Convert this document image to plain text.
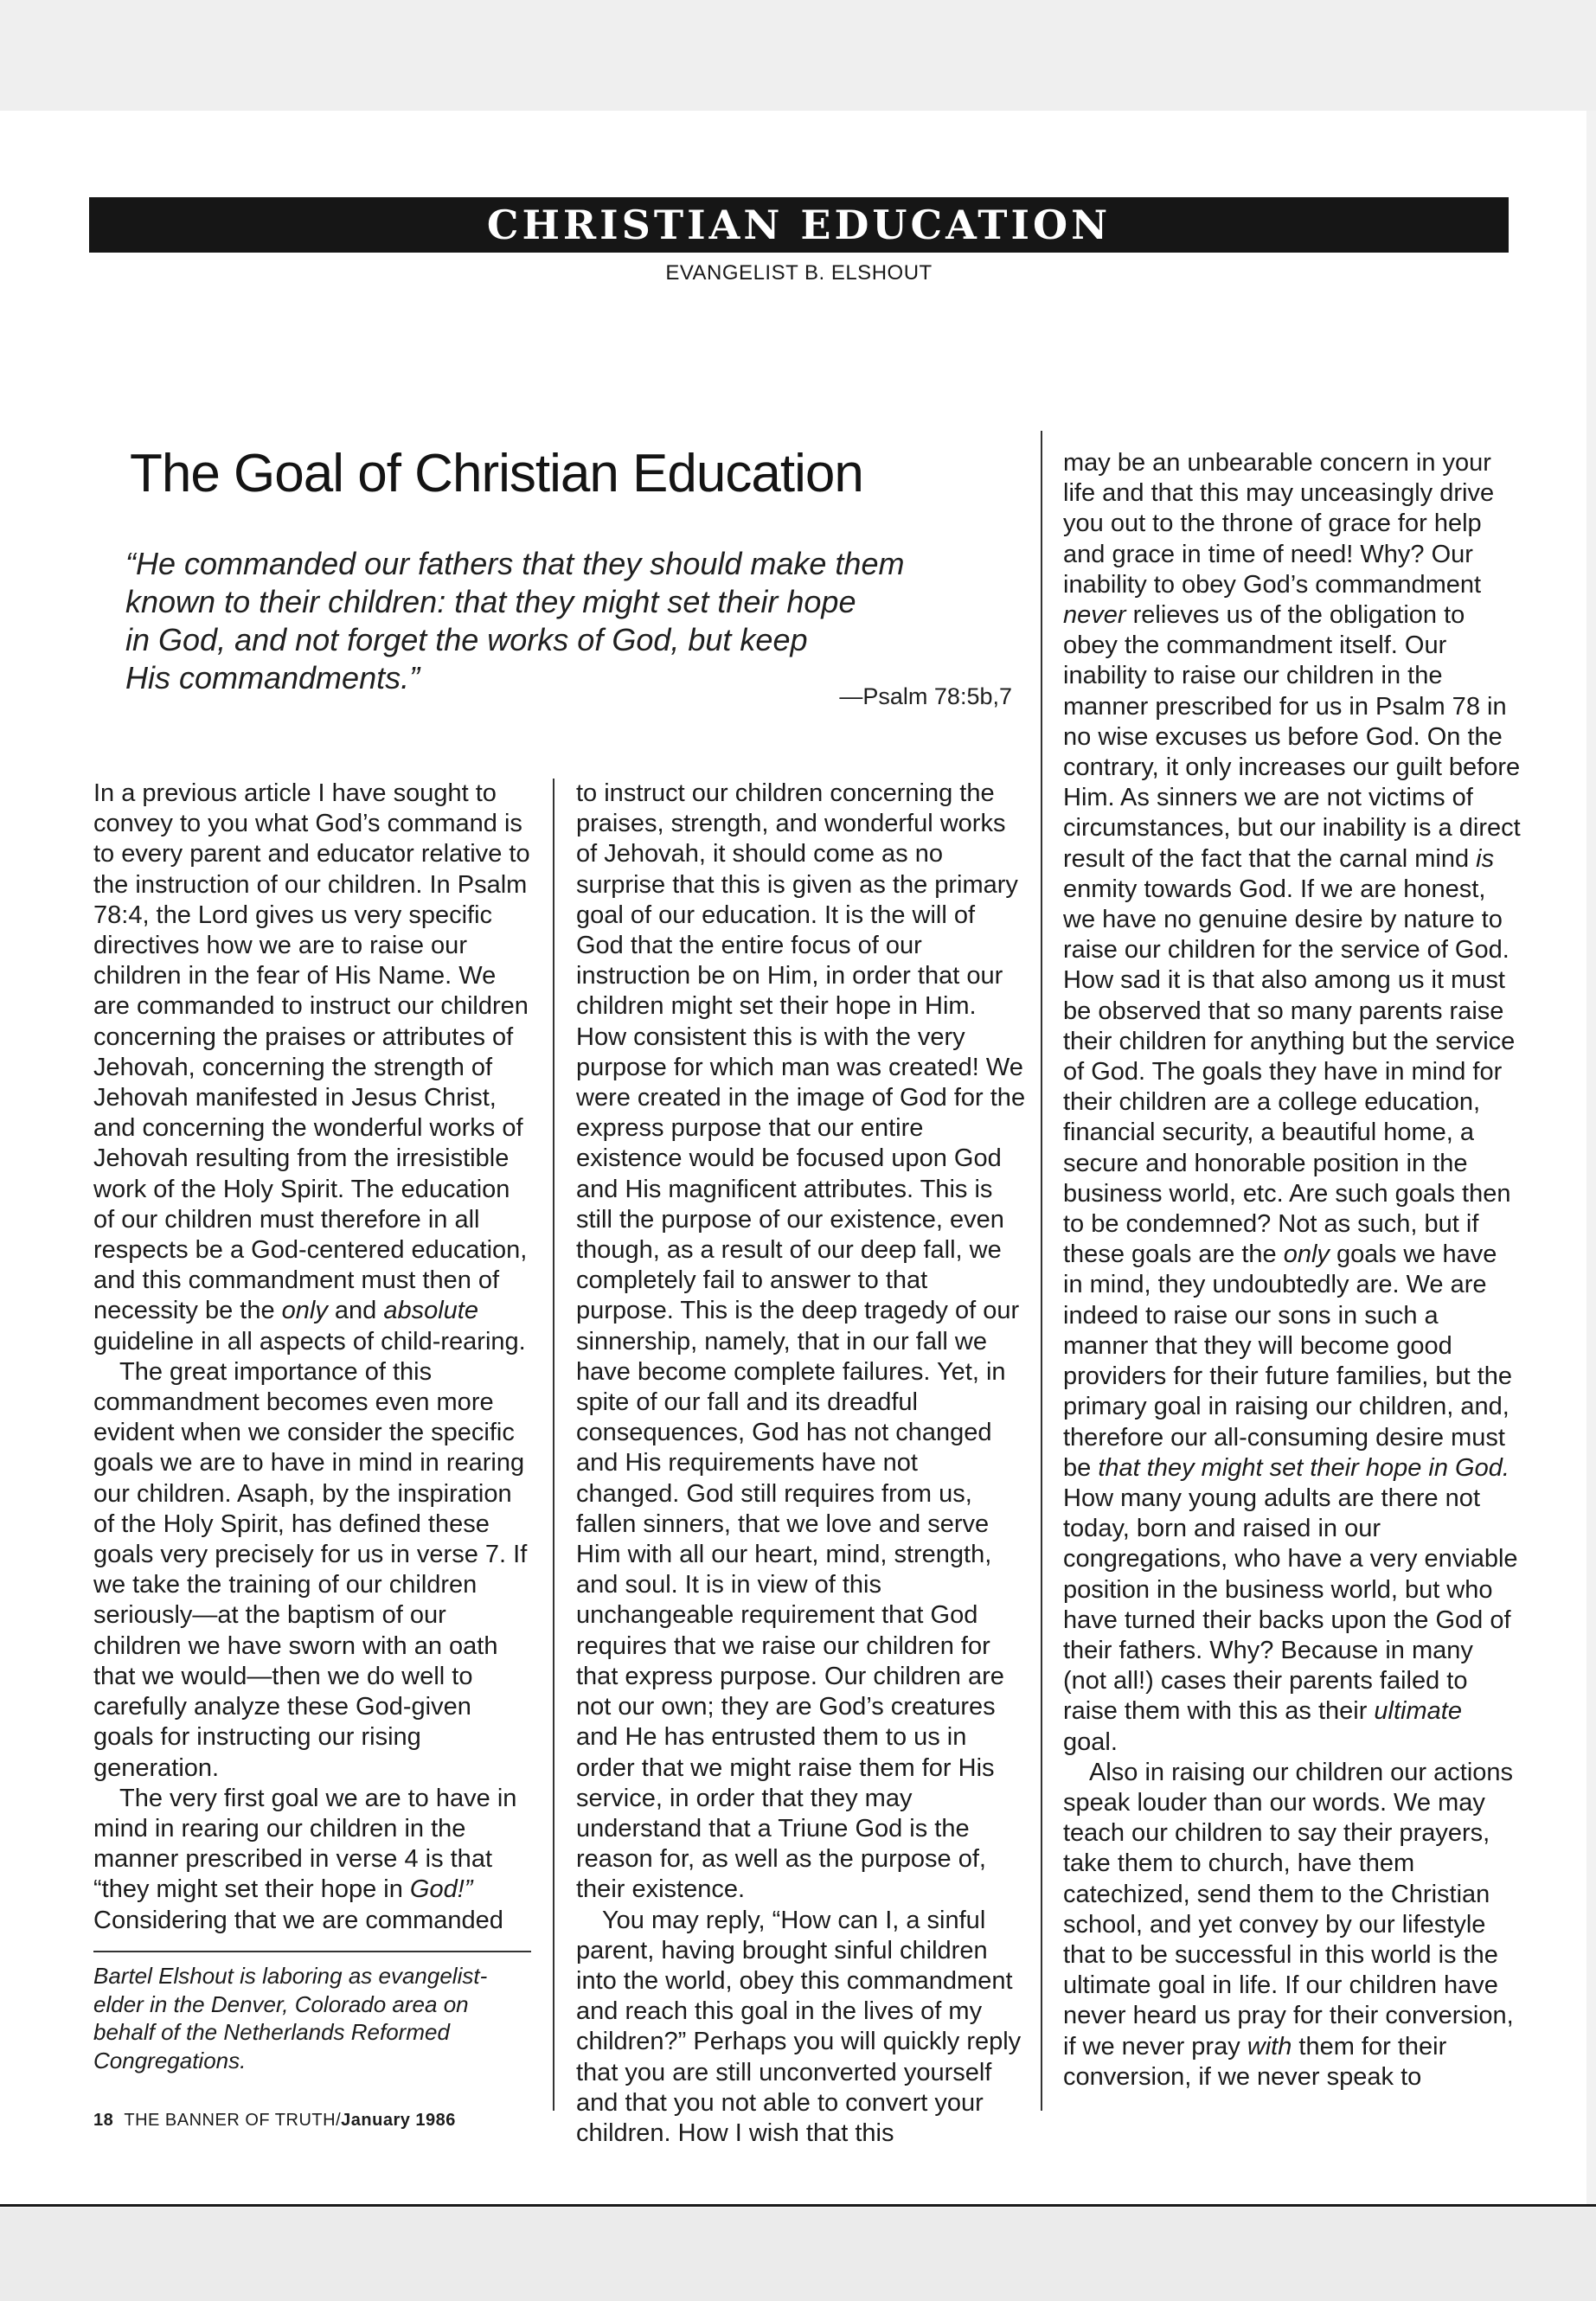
CHRISTIAN EDUCATION
EVANGELIST B. ELSHOUT
The Goal of Christian Education
“He commanded our fathers that they should make them
known to their children: that they might set their hope
in God, and not forget the works of God, but keep
His commandments.”
—Psalm 78:5b,7

In a previous article I have sought to convey to you what God’s command is to every parent and educator relative to the instruction of our children. In Psalm 78:4, the Lord gives us very specific directives how we are to raise our children in the fear of His Name. We are commanded to instruct our children concerning the praises or attributes of Jehovah, concerning the strength of Jehovah manifested in Jesus Christ, and concerning the wonderful works of Jehovah resulting from the irresistible work of the Holy Spirit. The education of our children must therefore in all respects be a God-centered education, and this commandment must then of necessity be the only and absolute guideline in all aspects of child-rearing.

The great importance of this commandment becomes even more evident when we consider the specific goals we are to have in mind in rearing our children. Asaph, by the inspiration of the Holy Spirit, has defined these goals very precisely for us in verse 7. If we take the training of our children seriously—at the baptism of our children we have sworn with an oath that we would—then we do well to carefully analyze these God-given goals for instructing our rising generation.

The very first goal we are to have in mind in rearing our children in the manner prescribed in verse 4 is that “they might set their hope in God!” Considering that we are commanded

Bartel Elshout is laboring as evangelist-elder in the Denver, Colorado area on behalf of the Netherlands Reformed Congregations.
18 THE BANNER OF TRUTH/January 1986

to instruct our children concerning the praises, strength, and wonderful works of Jehovah, it should come as no surprise that this is given as the primary goal of our education. It is the will of God that the entire focus of our instruction be on Him, in order that our children might set their hope in Him. How consistent this is with the very purpose for which man was created! We were created in the image of God for the express purpose that our entire existence would be focused upon God and His magnificent attributes. This is still the purpose of our existence, even though, as a result of our deep fall, we completely fail to answer to that purpose. This is the deep tragedy of our sinnership, namely, that in our fall we have become complete failures. Yet, in spite of our fall and its dreadful consequences, God has not changed and His requirements have not changed. God still requires from us, fallen sinners, that we love and serve Him with all our heart, mind, strength, and soul. It is in view of this unchangeable requirement that God requires that we raise our children for that express purpose. Our children are not our own; they are God’s creatures and He has entrusted them to us in order that we might raise them for His service, in order that they may understand that a Triune God is the reason for, as well as the purpose of, their existence.

You may reply, “How can I, a sinful parent, having brought sinful children into the world, obey this commandment and reach this goal in the lives of my children?” Perhaps you will quickly reply that you are still unconverted yourself and that you not able to convert your children. How I wish that this

may be an unbearable concern in your life and that this may unceasingly drive you out to the throne of grace for help and grace in time of need! Why? Our inability to obey God’s commandment never relieves us of the obligation to obey the commandment itself. Our inability to raise our children in the manner prescribed for us in Psalm 78 in no wise excuses us before God. On the contrary, it only increases our guilt before Him. As sinners we are not victims of circumstances, but our inability is a direct result of the fact that the carnal mind is enmity towards God. If we are honest, we have no genuine desire by nature to raise our children for the service of God. How sad it is that also among us it must be observed that so many parents raise their children for anything but the service of God. The goals they have in mind for their children are a college education, financial security, a beautiful home, a secure and honorable position in the business world, etc. Are such goals then to be condemned? Not as such, but if these goals are the only goals we have in mind, they undoubtedly are. We are indeed to raise our sons in such a manner that they will become good providers for their future families, but the primary goal in raising our children, and, therefore our all-consuming desire must be that they might set their hope in God. How many young adults are there not today, born and raised in our congregations, who have a very enviable position in the business world, but who have turned their backs upon the God of their fathers. Why? Because in many (not all!) cases their parents failed to raise them with this as their ultimate goal.

Also in raising our children our actions speak louder than our words. We may teach our children to say their prayers, take them to church, have them catechized, send them to the Christian school, and yet convey by our lifestyle that to be successful in this world is the ultimate goal in life. If our children have never heard us pray for their conversion, if we never pray with them for their conversion, if we never speak to
